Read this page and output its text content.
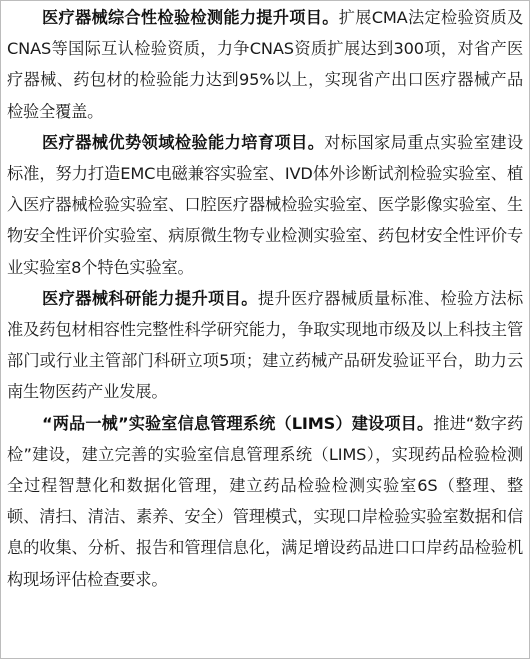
医疗器械综合性检验检测能力提升项目。扩展CMA法定检验资质及CNAS等国际互认检验资质，力争CNAS资质扩展达到300项，对省产医疗器械、药包材的检验能力达到95%以上，实现省产出口医疗器械产品检验全覆盖。

医疗器械优势领域检验能力培育项目。对标国家局重点实验室建设标准，努力打造EMC电磁兼容实验室、IVD体外诊断试剂检验实验室、植入医疗器械检验实验室、口腔医疗器械检验实验室、医学影像实验室、生物安全性评价实验室、病原微生物专业检测实验室、药包材安全性评价专业实验室8个特色实验室。

医疗器械科研能力提升项目。提升医疗器械质量标准、检验方法标准及药包材相容性完整性科学研究能力，争取实现地市级及以上科技主管部门或行业主管部门科研立项5项；建立药械产品研发验证平台，助力云南生物医药产业发展。

“两品一械”实验室信息管理系统（LIMS）建设项目。推进“数字药检”建设，建立完善的实验室信息管理系统（LIMS），实现药品检验检测全过程智慧化和数据化管理，建立药品检验检测实验室6S（整理、整顿、清扫、清洁、素养、安全）管理模式，实现口岸检验实验室数据和信息的收集、分析、报告和管理信息化，满足增设药品进口口岸药品检验机构现场评估检查要求。
